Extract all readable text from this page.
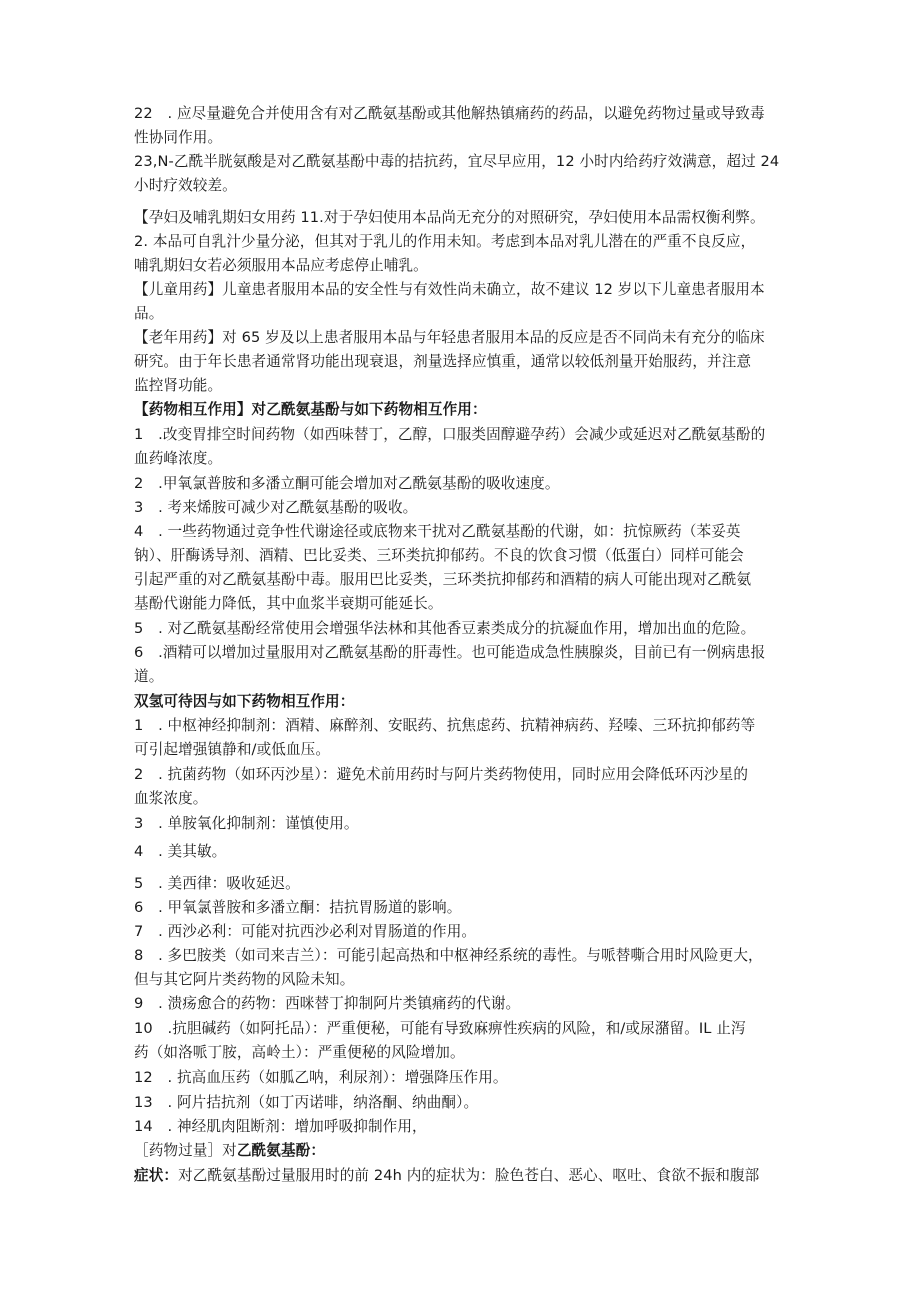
22　. 应尽量避免合并使用含有对乙酰氨基酚或其他解热镇痛药的药品，以避免药物过量或导致毒
性协同作用。
23,N-乙酰半胱氨酸是对乙酰氨基酚中毒的拮抗药，宜尽早应用，12 小时内给药疗效满意，超过 24
小时疗效较差。
【孕妇及哺乳期妇女用药 11.对于孕妇使用本品尚无充分的对照研究，孕妇使用本品需权衡利弊。
2. 本品可自乳汁少量分泌，但其对于乳儿的作用未知。考虑到本品对乳儿潜在的严重不良反应，
哺乳期妇女若必须服用本品应考虑停止哺乳。
【儿童用药】儿童患者服用本品的安全性与有效性尚未确立，故不建议 12 岁以下儿童患者服用本
品。
【老年用药】对 65 岁及以上患者服用本品与年轻患者服用本品的反应是否不同尚未有充分的临床
研究。由于年长患者通常肾功能出现衰退，剂量选择应慎重，通常以较低剂量开始服药，并注意
监控肾功能。
【药物相互作用】对乙酰氨基酚与如下药物相互作用：
1　.改变胃排空时间药物（如西味替丁，乙醇，口服类固醇避孕药）会减少或延迟对乙酰氨基酚的
血药峰浓度。
2　.甲氧氯普胺和多潘立酮可能会增加对乙酰氨基酚的吸收速度。
3　. 考来烯胺可减少对乙酰氨基酚的吸收。
4　. 一些药物通过竞争性代谢途径或底物来干扰对乙酰氨基酚的代谢，如：抗惊厥药（苯妥英
钠）、肝酶诱导剂、酒精、巴比妥类、三环类抗抑郁药。不良的饮食习惯（低蛋白）同样可能会
引起严重的对乙酰氨基酚中毒。服用巴比妥类，三环类抗抑郁药和酒精的病人可能出现对乙酰氨
基酚代谢能力降低，其中血浆半衰期可能延长。
5　. 对乙酰氨基酚经常使用会增强华法林和其他香豆素类成分的抗凝血作用，增加出血的危险。
6　.酒精可以增加过量服用对乙酰氨基酚的肝毒性。也可能造成急性胰腺炎，目前已有一例病患报
道。
双氢可待因与如下药物相互作用：
1　. 中枢神经抑制剂：酒精、麻醉剂、安眠药、抗焦虑药、抗精神病药、羟嗪、三环抗抑郁药等
可引起增强镇静和/或低血压。
2　. 抗菌药物（如环丙沙星）：避免术前用药时与阿片类药物使用，同时应用会降低环丙沙星的
血浆浓度。
3　. 单胺氧化抑制剂：谨慎使用。
4　. 美其敏。
5　. 美西律：吸收延迟。
6　. 甲氧氯普胺和多潘立酮：拮抗胃肠道的影响。
7　. 西沙必利：可能对抗西沙必利对胃肠道的作用。
8　. 多巴胺类（如司来吉兰）：可能引起高热和中枢神经系统的毒性。与哌替嘶合用时风险更大，
但与其它阿片类药物的风险未知。
9　. 溃疡愈合的药物：西咪替丁抑制阿片类镇痛药的代谢。
10　.抗胆碱药（如阿托品）：严重便秘，可能有导致麻痹性疾病的风险，和/或尿潴留。IL 止泻
药（如洛哌丁胺，高岭土）：严重便秘的风险增加。
12　. 抗高血压药（如胍乙呐，利尿剂）：增强降压作用。
13　. 阿片拮抗剂（如丁丙诺啡，纳洛酮、纳曲酮）。
14　. 神经肌肉阻断剂：增加呼吸抑制作用，
［药物过量］对乙酰氨基酚：
症状：对乙酰氨基酚过量服用时的前 24h 内的症状为：脸色苍白、恶心、呕吐、食欲不振和腹部
